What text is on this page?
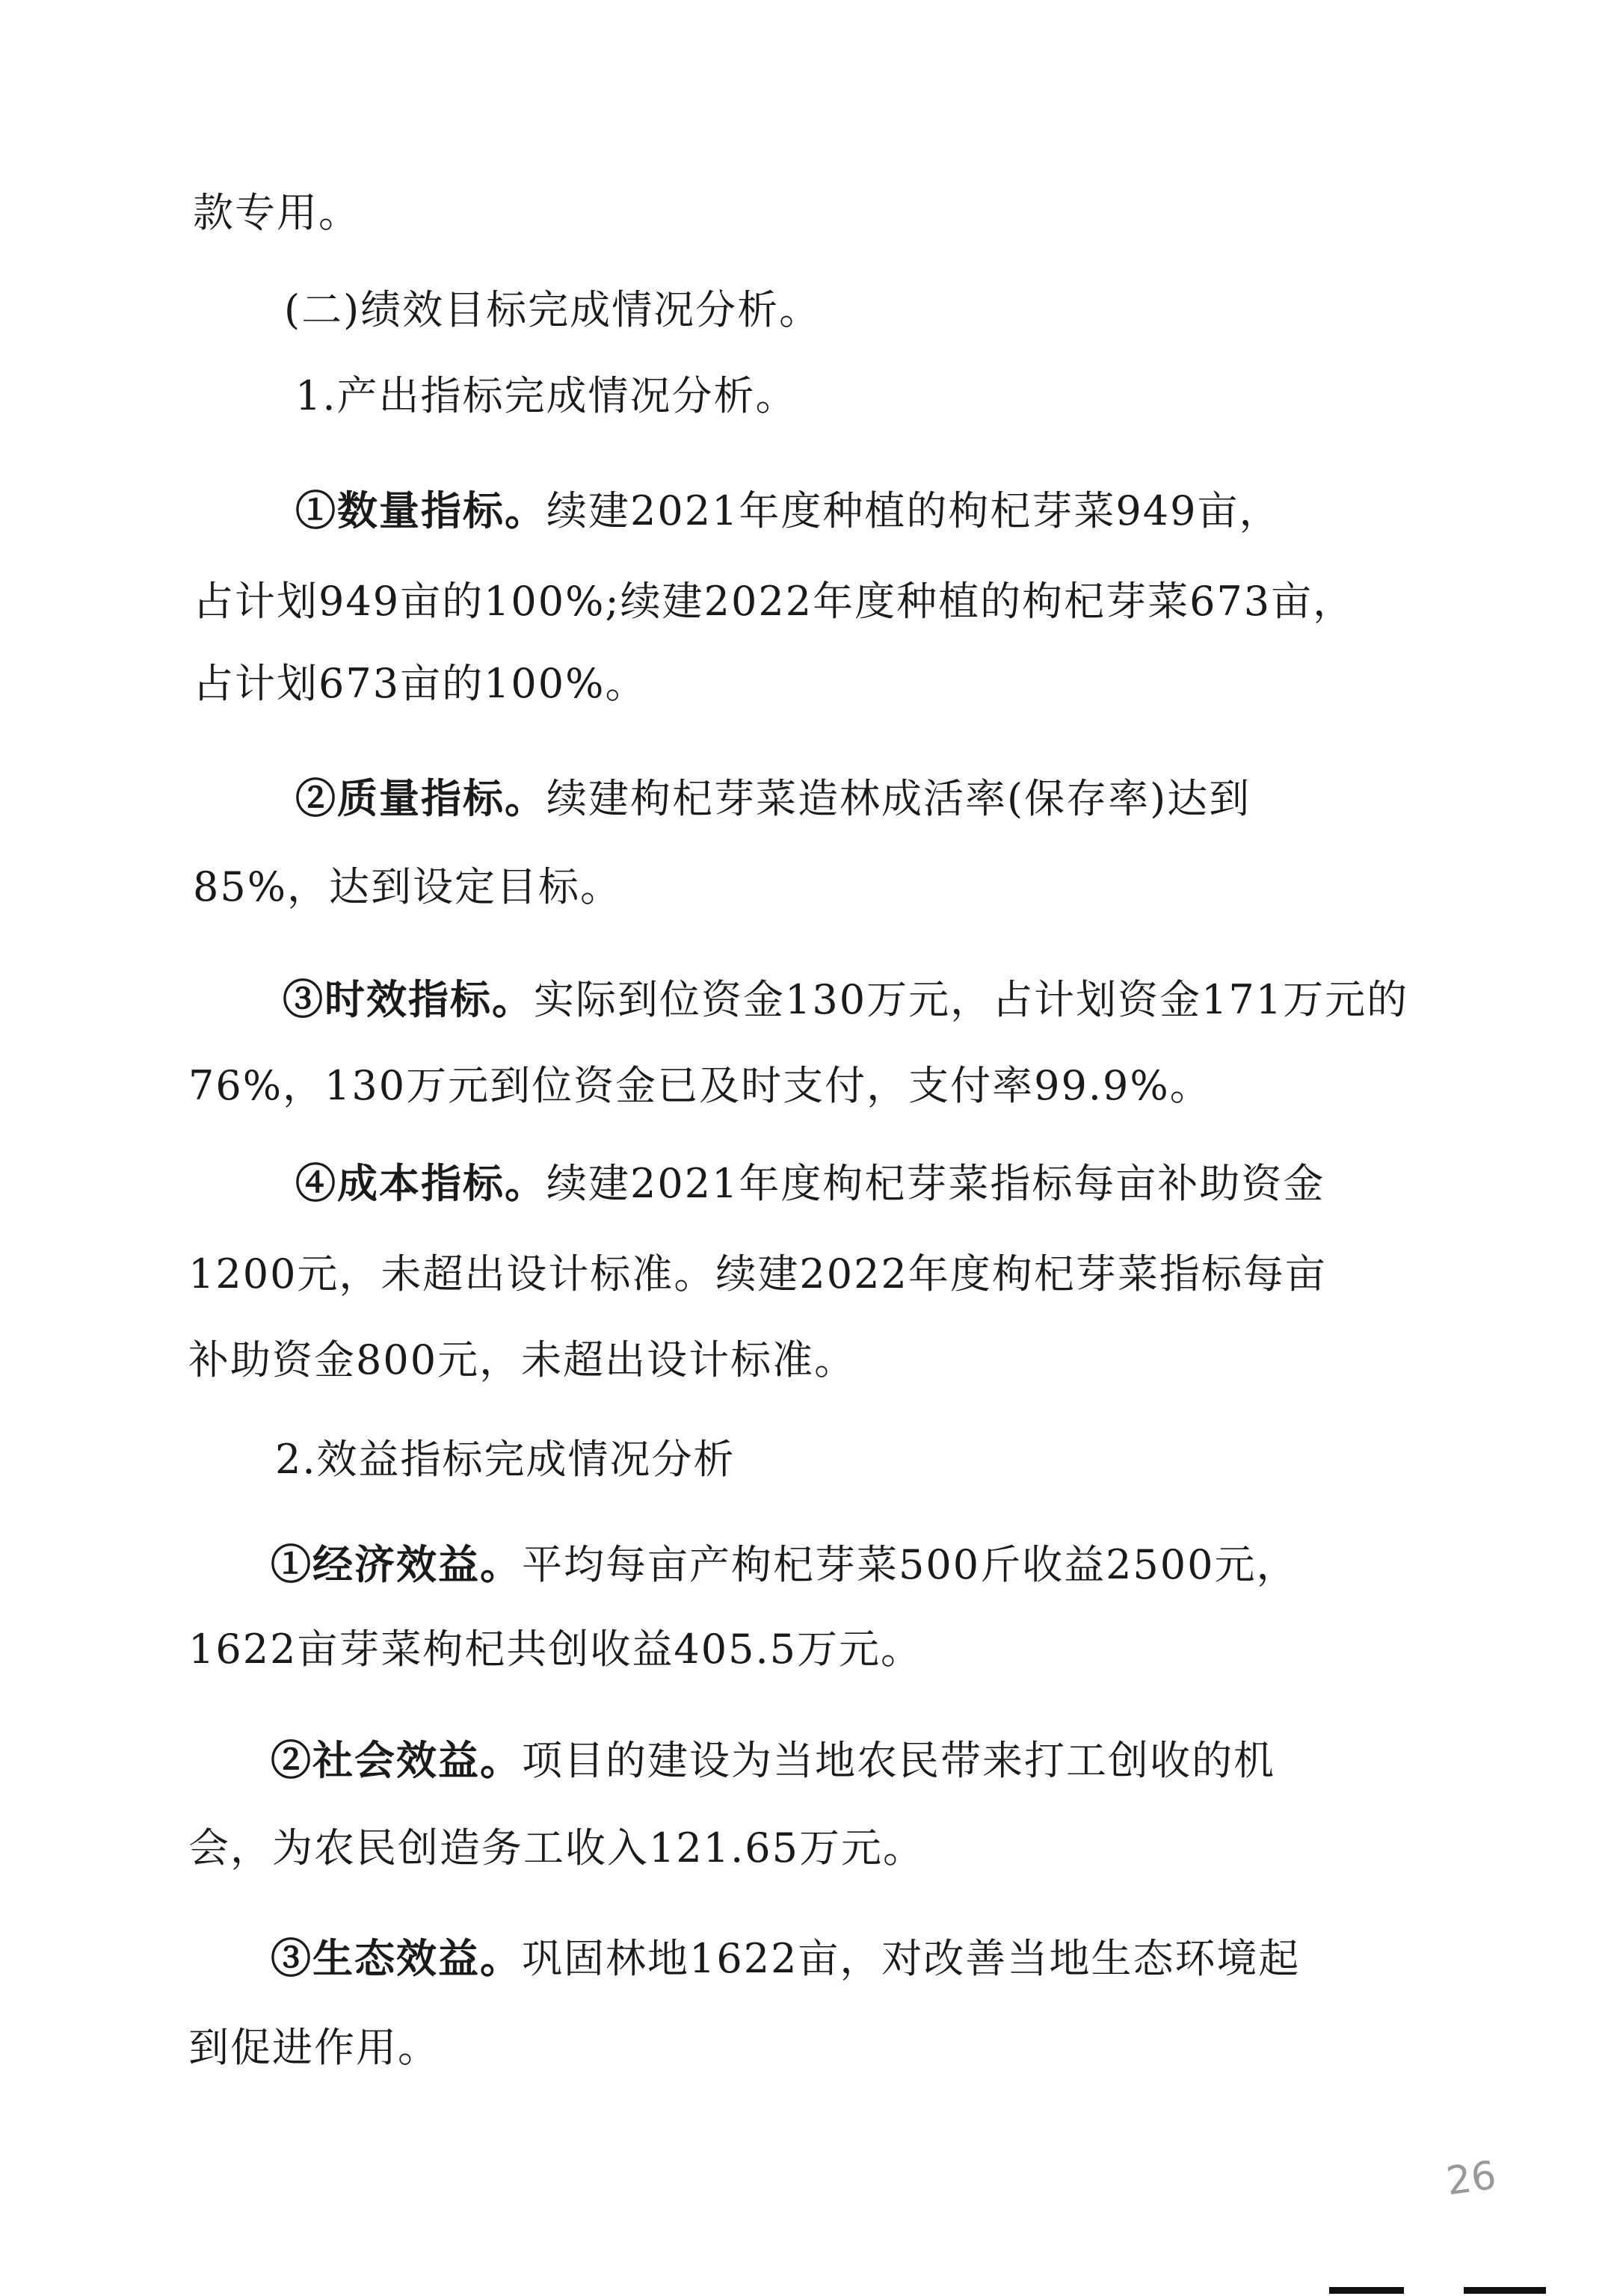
款专用。
(二)绩效目标完成情况分析。
1.产出指标完成情况分析。
①数量指标。续建2021年度种植的枸杞芽菜949亩，
占计划949亩的100%;续建2022年度种植的枸杞芽菜673亩，
占计划673亩的100%。
②质量指标。续建枸杞芽菜造林成活率(保存率)达到
85%，达到设定目标。
③时效指标。实际到位资金130万元，占计划资金171万元的
76%，130万元到位资金已及时支付，支付率99.9%。
④成本指标。续建2021年度枸杞芽菜指标每亩补助资金
1200元，未超出设计标准。续建2022年度枸杞芽菜指标每亩
补助资金800元，未超出设计标准。
2.效益指标完成情况分析
①经济效益。平均每亩产枸杞芽菜500斤收益2500元，
1622亩芽菜枸杞共创收益405.5万元。
②社会效益。项目的建设为当地农民带来打工创收的机
会，为农民创造务工收入121.65万元。
③生态效益。巩固林地1622亩，对改善当地生态环境起
到促进作用。
26
